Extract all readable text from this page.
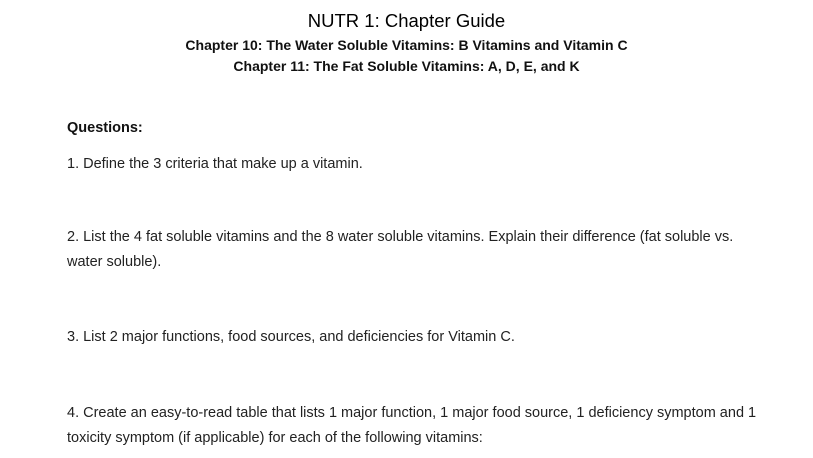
NUTR 1: Chapter Guide
Chapter 10: The Water Soluble Vitamins: B Vitamins and Vitamin C
Chapter 11: The Fat Soluble Vitamins: A, D, E, and K
Questions:
1. Define the 3 criteria that make up a vitamin.
2. List the 4 fat soluble vitamins and the 8 water soluble vitamins. Explain their difference (fat soluble vs. water soluble).
3. List 2 major functions, food sources, and deficiencies for Vitamin C.
4. Create an easy-to-read table that lists 1 major function, 1 major food source, 1 deficiency symptom and 1 toxicity symptom (if applicable) for each of the following vitamins:
